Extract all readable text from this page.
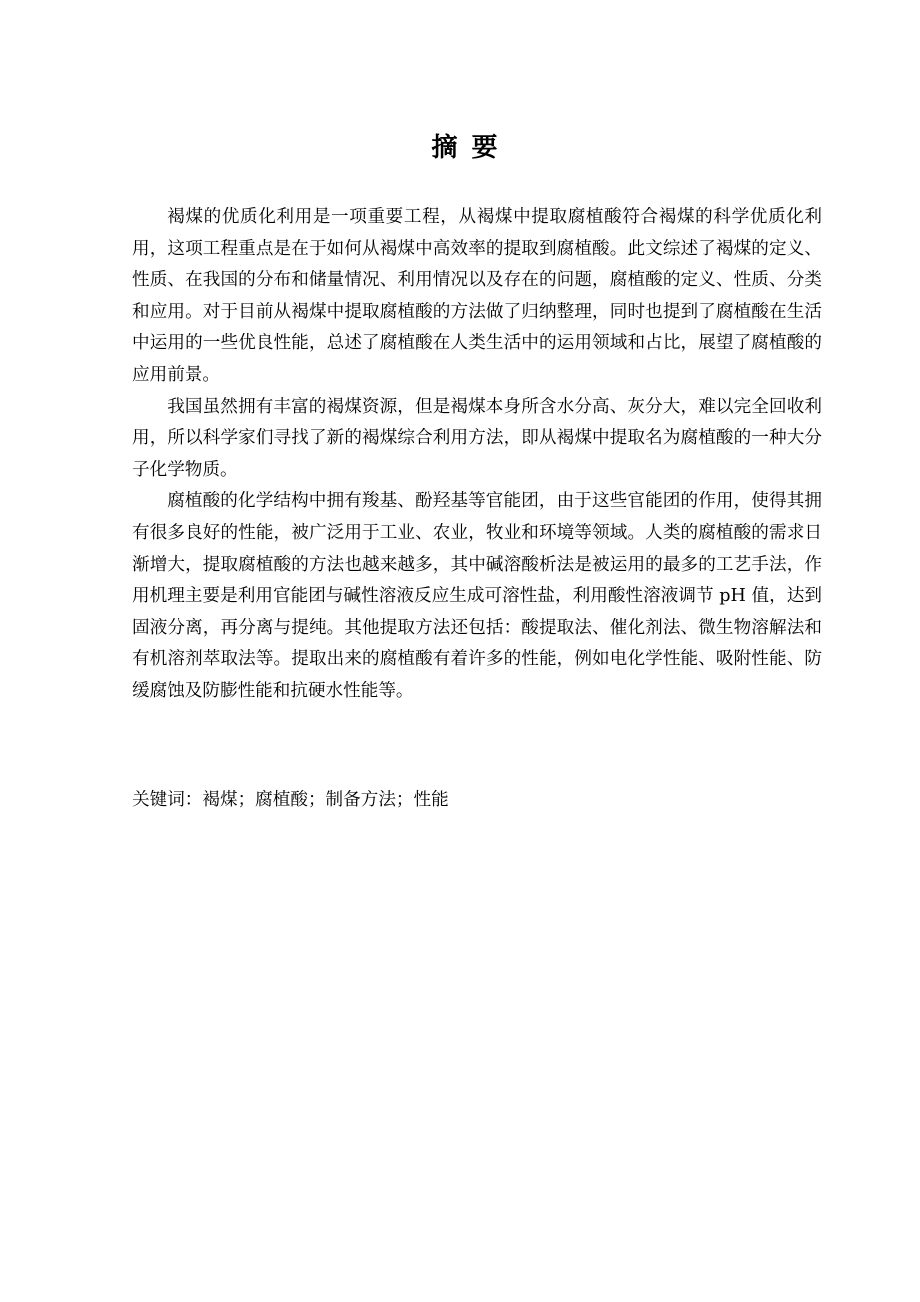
摘要

褐煤的优质化利用是一项重要工程，从褐煤中提取腐植酸符合褐煤的科学优质化利用，这项工程重点是在于如何从褐煤中高效率的提取到腐植酸。此文综述了褐煤的定义、性质、在我国的分布和储量情况、利用情况以及存在的问题，腐植酸的定义、性质、分类和应用。对于目前从褐煤中提取腐植酸的方法做了归纳整理，同时也提到了腐植酸在生活中运用的一些优良性能，总述了腐植酸在人类生活中的运用领域和占比，展望了腐植酸的应用前景。

我国虽然拥有丰富的褐煤资源，但是褐煤本身所含水分高、灰分大，难以完全回收利用，所以科学家们寻找了新的褐煤综合利用方法，即从褐煤中提取名为腐植酸的一种大分子化学物质。

腐植酸的化学结构中拥有羧基、酚羟基等官能团，由于这些官能团的作用，使得其拥有很多良好的性能，被广泛用于工业、农业，牧业和环境等领域。人类的腐植酸的需求日渐增大，提取腐植酸的方法也越来越多，其中碱溶酸析法是被运用的最多的工艺手法，作用机理主要是利用官能团与碱性溶液反应生成可溶性盐，利用酸性溶液调节 pH 值，达到固液分离，再分离与提纯。其他提取方法还包括：酸提取法、催化剂法、微生物溶解法和有机溶剂萃取法等。提取出来的腐植酸有着许多的性能，例如电化学性能、吸附性能、防缓腐蚀及防膨性能和抗硬水性能等。

关键词：褐煤；腐植酸；制备方法；性能
